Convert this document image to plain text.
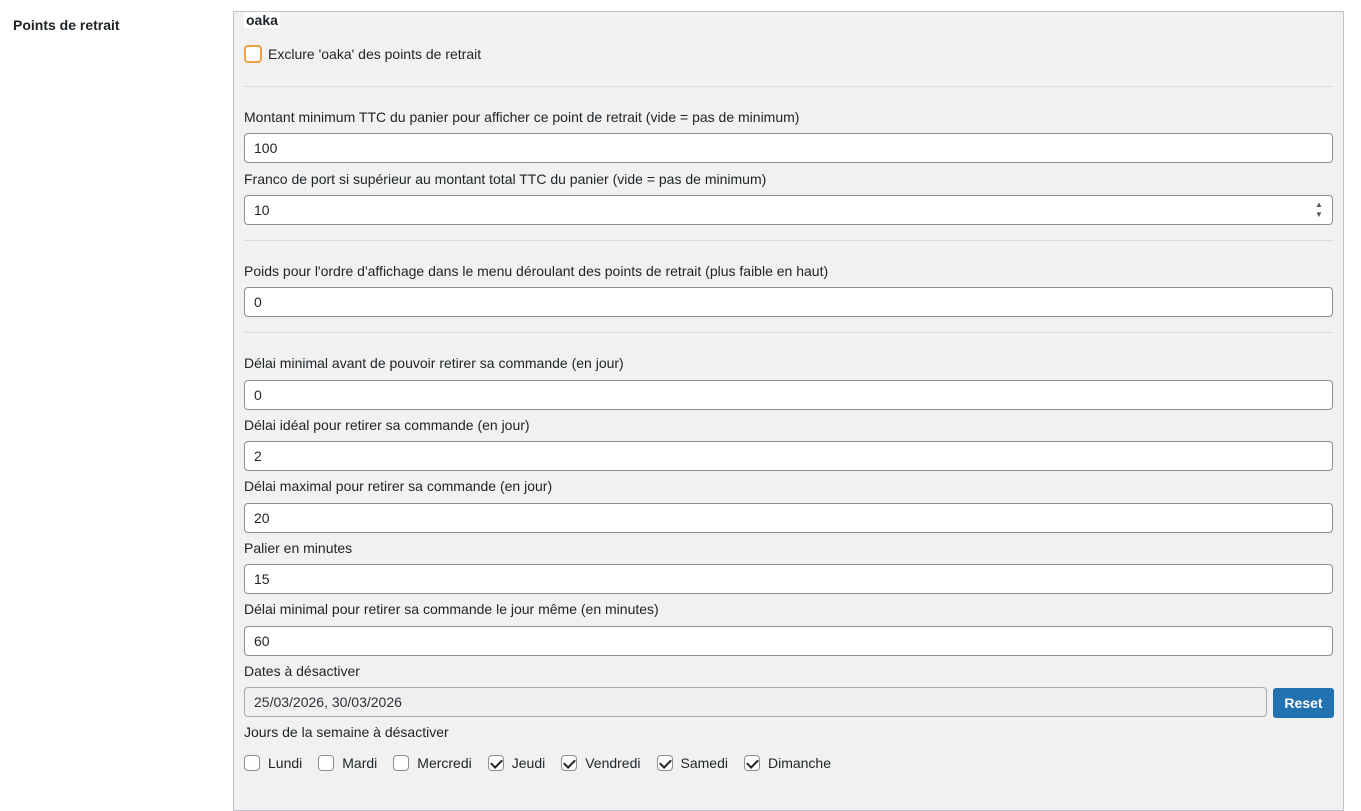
Points de retrait	oaka
Exclure 'oaka' des points de retrait
Montant minimum TTC du panier pour afficher ce point de retrait (vide = pas de minimum)
100
Franco de port si supérieur au montant total TTC du panier (vide = pas de minimum)
10	▲
▼
Poids pour l'ordre d'affichage dans le menu déroulant des points de retrait (plus faible en haut)
0
Délai minimal avant de pouvoir retirer sa commande (en jour)
0
Délai idéal pour retirer sa commande (en jour)
2
Délai maximal pour retirer sa commande (en jour)
20
Palier en minutes
15
Délai minimal pour retirer sa commande le jour même (en minutes)
60
Dates à désactiver
25/03/2026, 30/03/2026	Reset
Jours de la semaine à désactiver
Lundi	Mardi	Mercredi	Jeudi	Vendredi	Samedi	Dimanche
